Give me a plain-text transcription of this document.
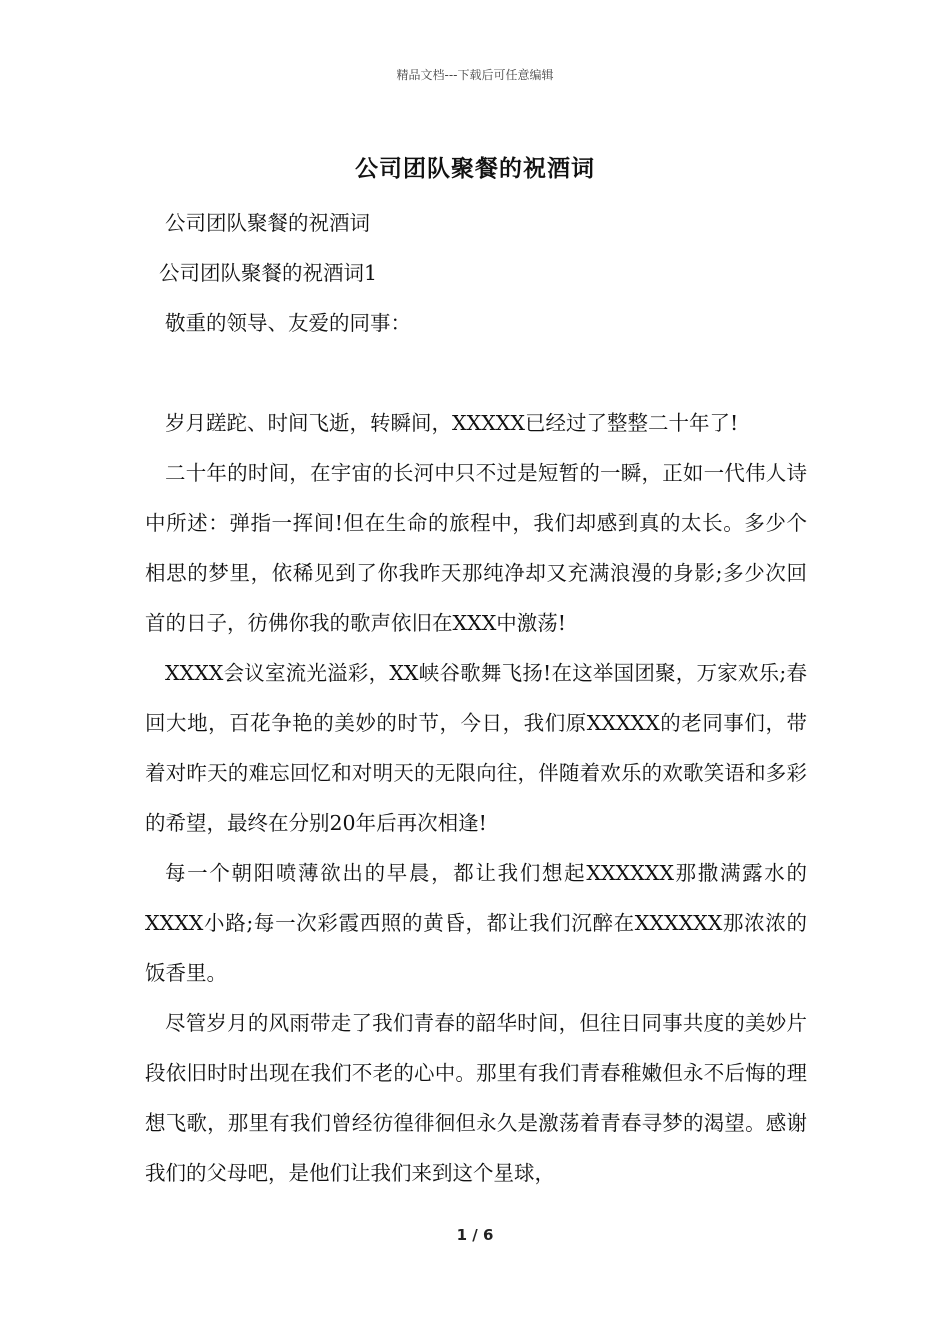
精品文档---下载后可任意编辑
公司团队聚餐的祝酒词

公司团队聚餐的祝酒词

公司团队聚餐的祝酒词1

敬重的领导、友爱的同事：

岁月蹉跎、时间飞逝，转瞬间，XXXXX已经过了整整二十年了!

二十年的时间，在宇宙的长河中只不过是短暂的一瞬，正如一代伟人诗中所述：弹指一挥间!但在生命的旅程中，我们却感到真的太长。多少个相思的梦里，依稀见到了你我昨天那纯净却又充满浪漫的身影;多少次回首的日子，彷佛你我的歌声依旧在XXX中激荡!

XXXX会议室流光溢彩，XX峡谷歌舞飞扬!在这举国团聚，万家欢乐;春回大地，百花争艳的美妙的时节，今日，我们原XXXXX的老同事们，带着对昨天的难忘回忆和对明天的无限向往，伴随着欢乐的欢歌笑语和多彩的希望，最终在分别20年后再次相逢!

每一个朝阳喷薄欲出的早晨，都让我们想起XXXXXX那撒满露水的XXXX小路;每一次彩霞西照的黄昏，都让我们沉醉在XXXXXX那浓浓的饭香里。

尽管岁月的风雨带走了我们青春的韶华时间，但往日同事共度的美妙片段依旧时时出现在我们不老的心中。那里有我们青春稚嫩但永不后悔的理想飞歌，那里有我们曾经彷徨徘徊但永久是激荡着青春寻梦的渴望。感谢我们的父母吧，是他们让我们来到这个星球，

1 / 6
